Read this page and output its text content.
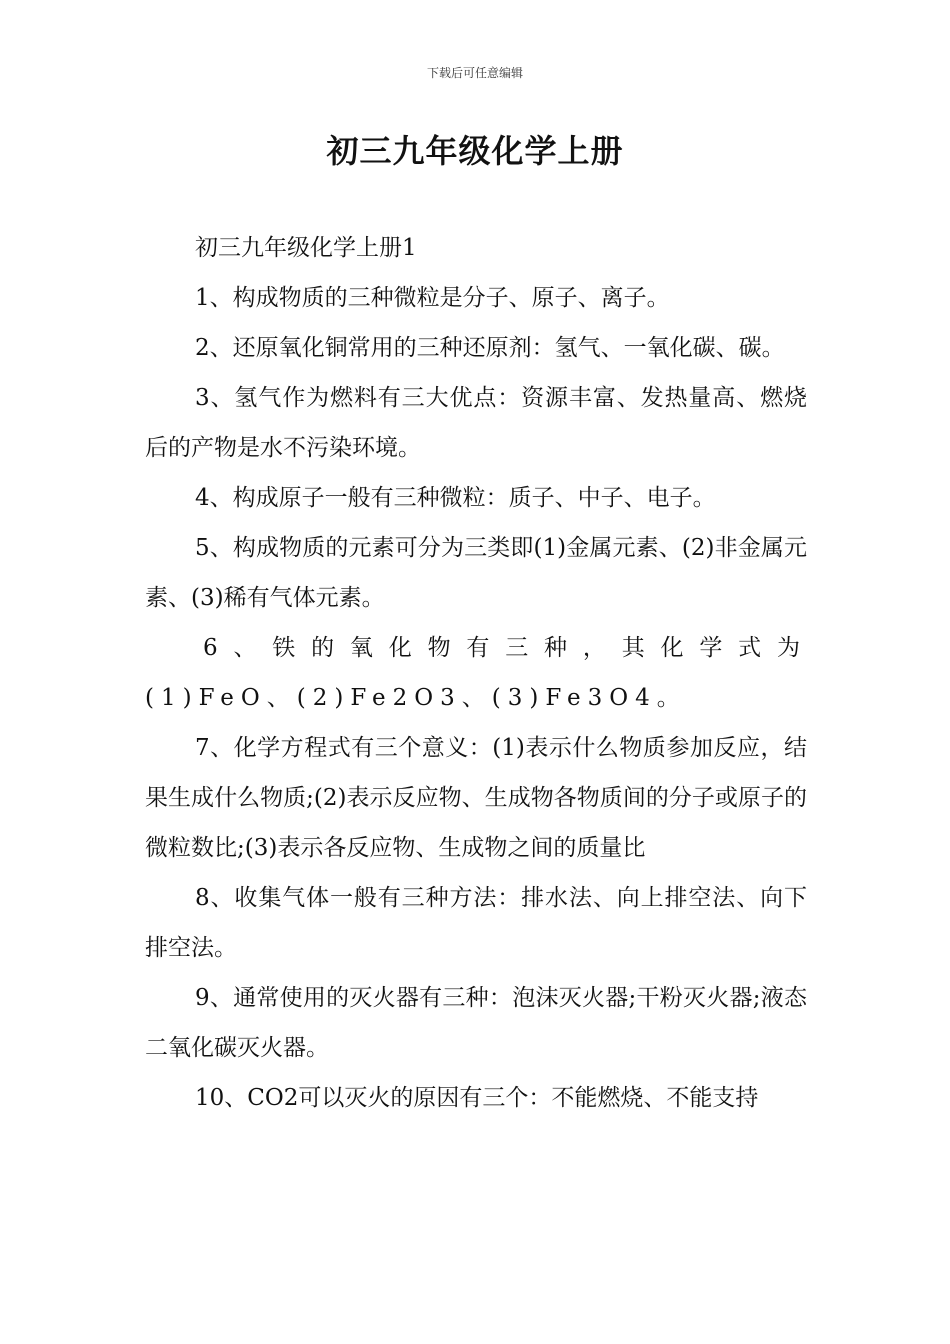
下载后可任意编辑
初三九年级化学上册

初三九年级化学上册1

1、构成物质的三种微粒是分子、原子、离子。

2、还原氧化铜常用的三种还原剂：氢气、一氧化碳、碳。

3、氢气作为燃料有三大优点：资源丰富、发热量高、燃烧后的产物是水不污染环境。

4、构成原子一般有三种微粒：质子、中子、电子。

5、构成物质的元素可分为三类即(1)金属元素、(2)非金属元素、(3)稀有气体元素。

6、铁的氧化物有三种，其化学式为(1)FeO、(2)Fe2O3、(3)Fe3O4。

7、化学方程式有三个意义：(1)表示什么物质参加反应，结果生成什么物质;(2)表示反应物、生成物各物质间的分子或原子的微粒数比;(3)表示各反应物、生成物之间的质量比

8、收集气体一般有三种方法：排水法、向上排空法、向下排空法。

9、通常使用的灭火器有三种：泡沫灭火器;干粉灭火器;液态二氧化碳灭火器。

10、CO2可以灭火的原因有三个：不能燃烧、不能支持
